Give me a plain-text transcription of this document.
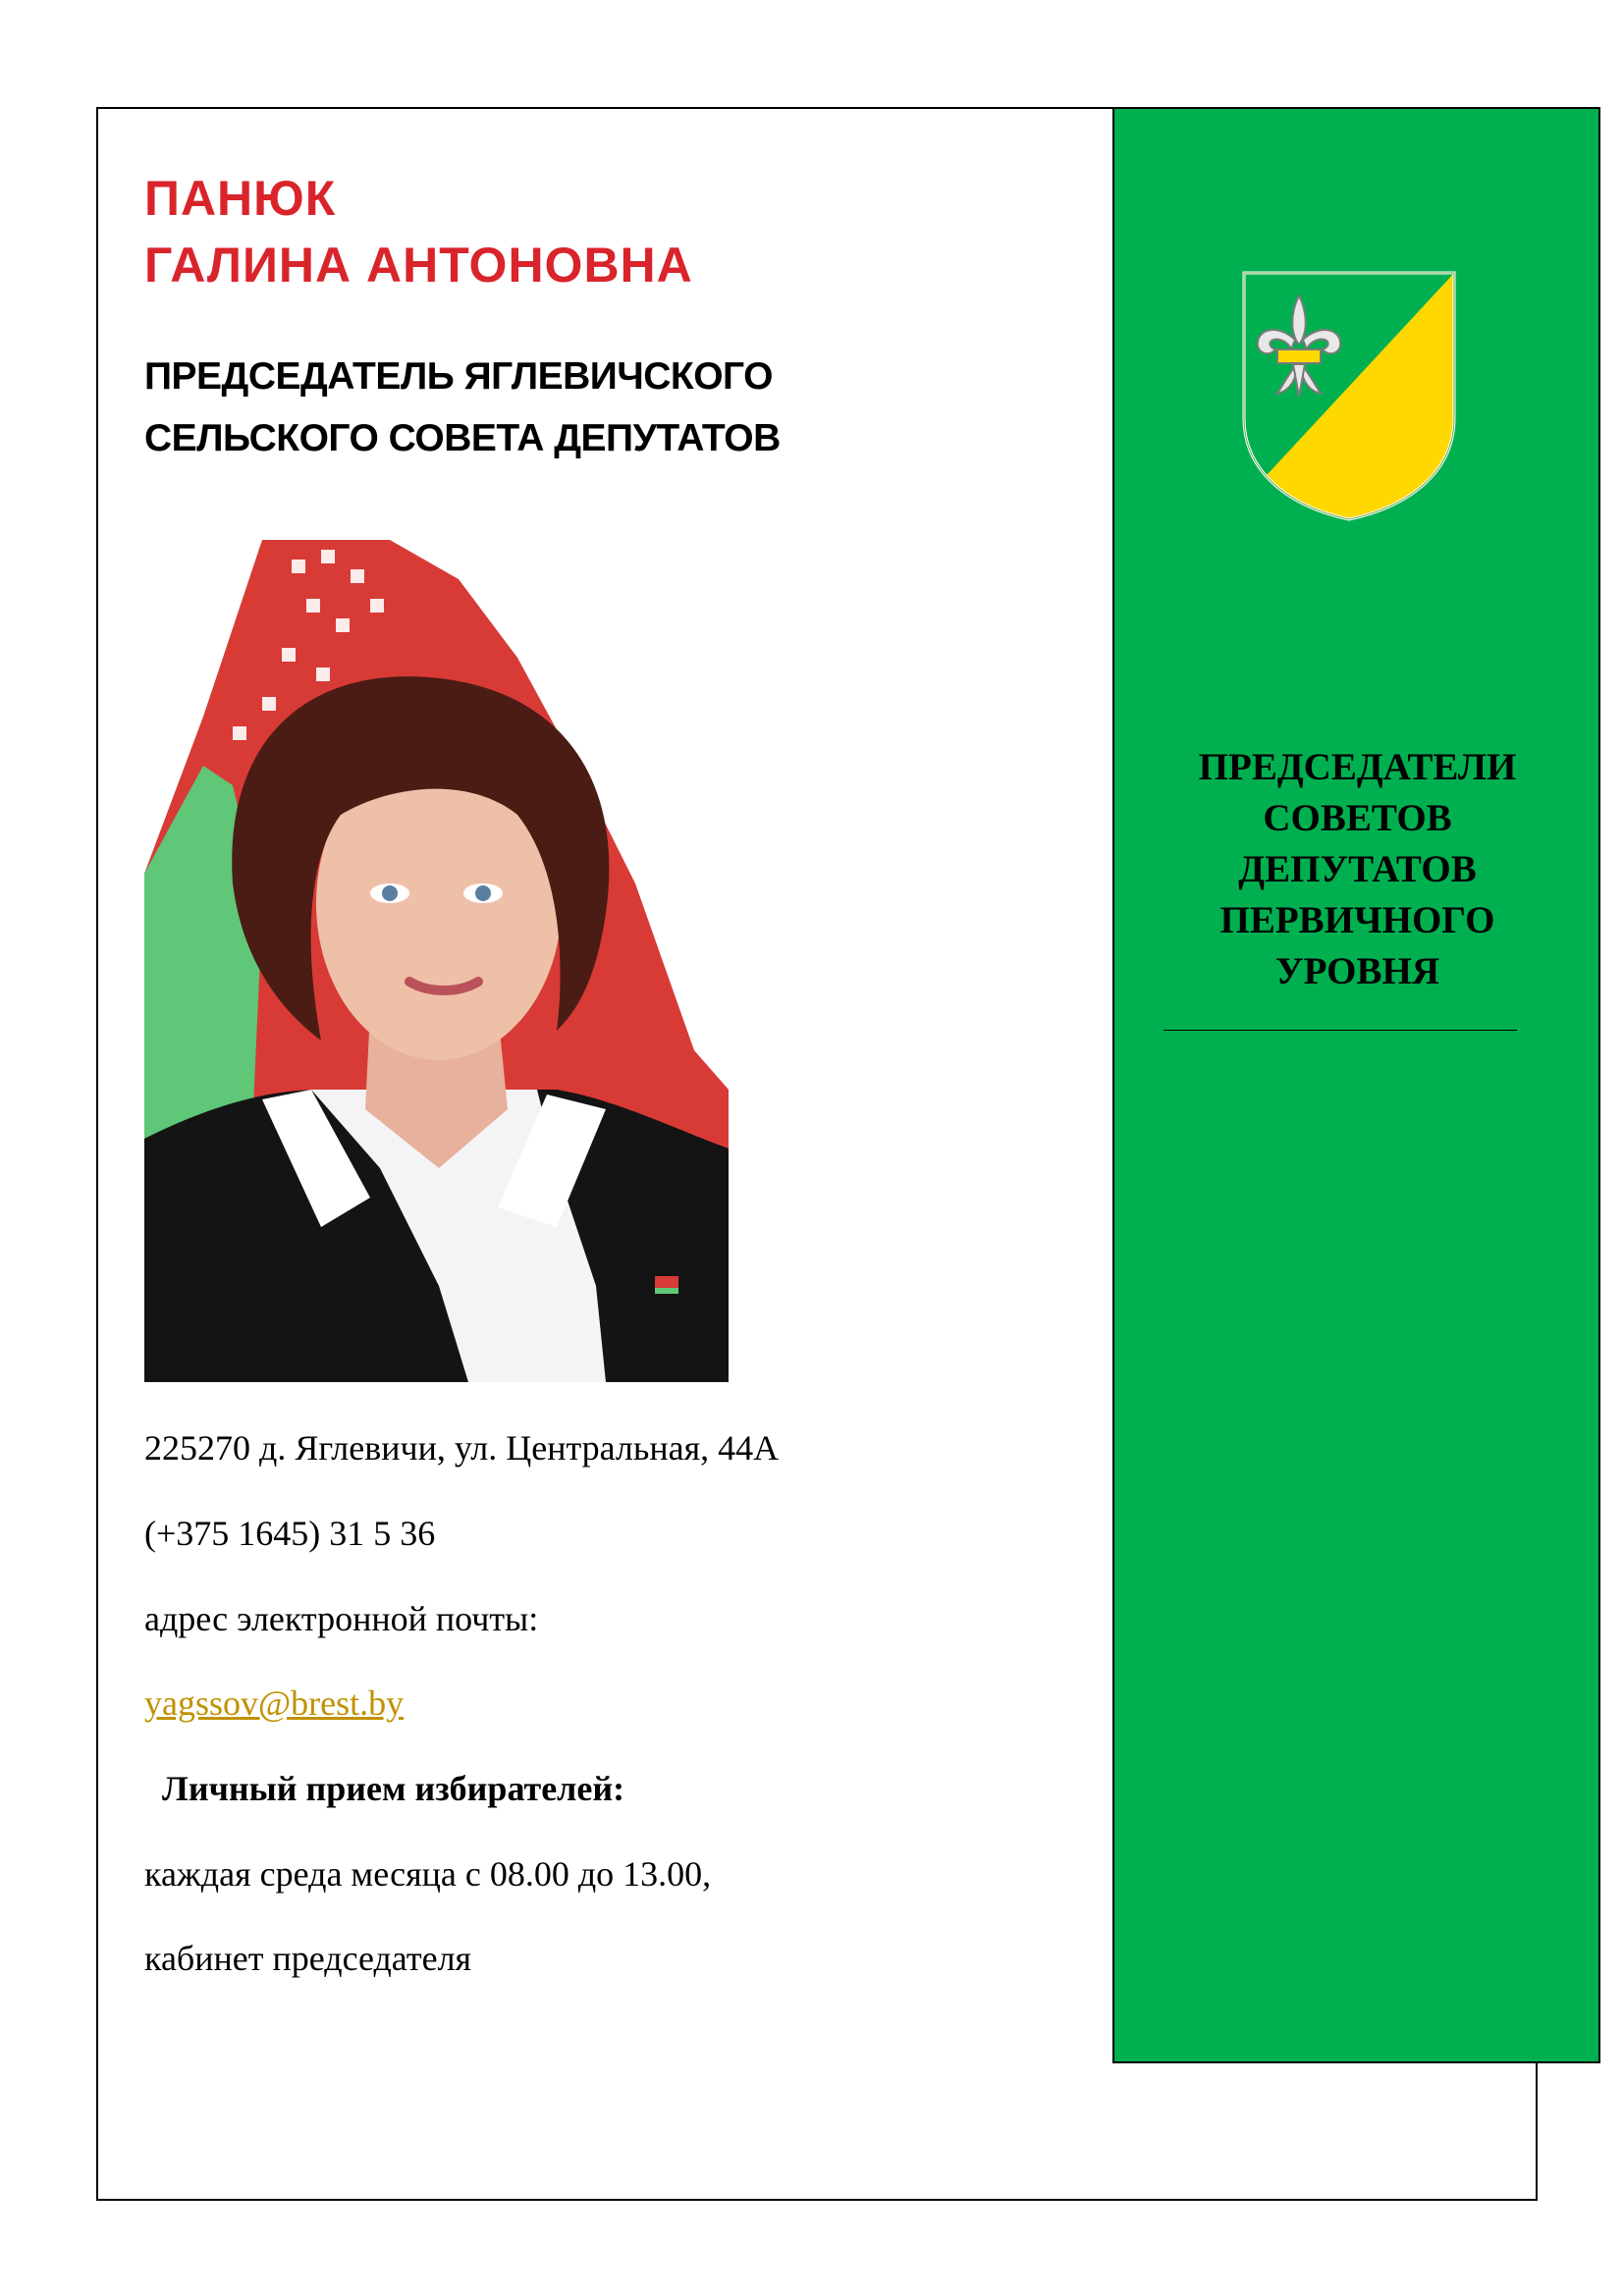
ПРЕДСЕДАТЕЛИ
СОВЕТОВ
ДЕПУТАТОВ
ПЕРВИЧНОГО
УРОВНЯ
ПАНЮК
ГАЛИНА АНТОНОВНА
ПРЕДСЕДАТЕЛЬ ЯГЛЕВИЧСКОГО
СЕЛЬСКОГО СОВЕТА ДЕПУТАТОВ
225270 д. Яглевичи, ул. Центральная, 44А
(+375 1645) 31 5 36
адрес электронной почты:
yagssov@brest.by
Личный прием избирателей:
каждая среда месяца с 08.00 до 13.00,
кабинет председателя
